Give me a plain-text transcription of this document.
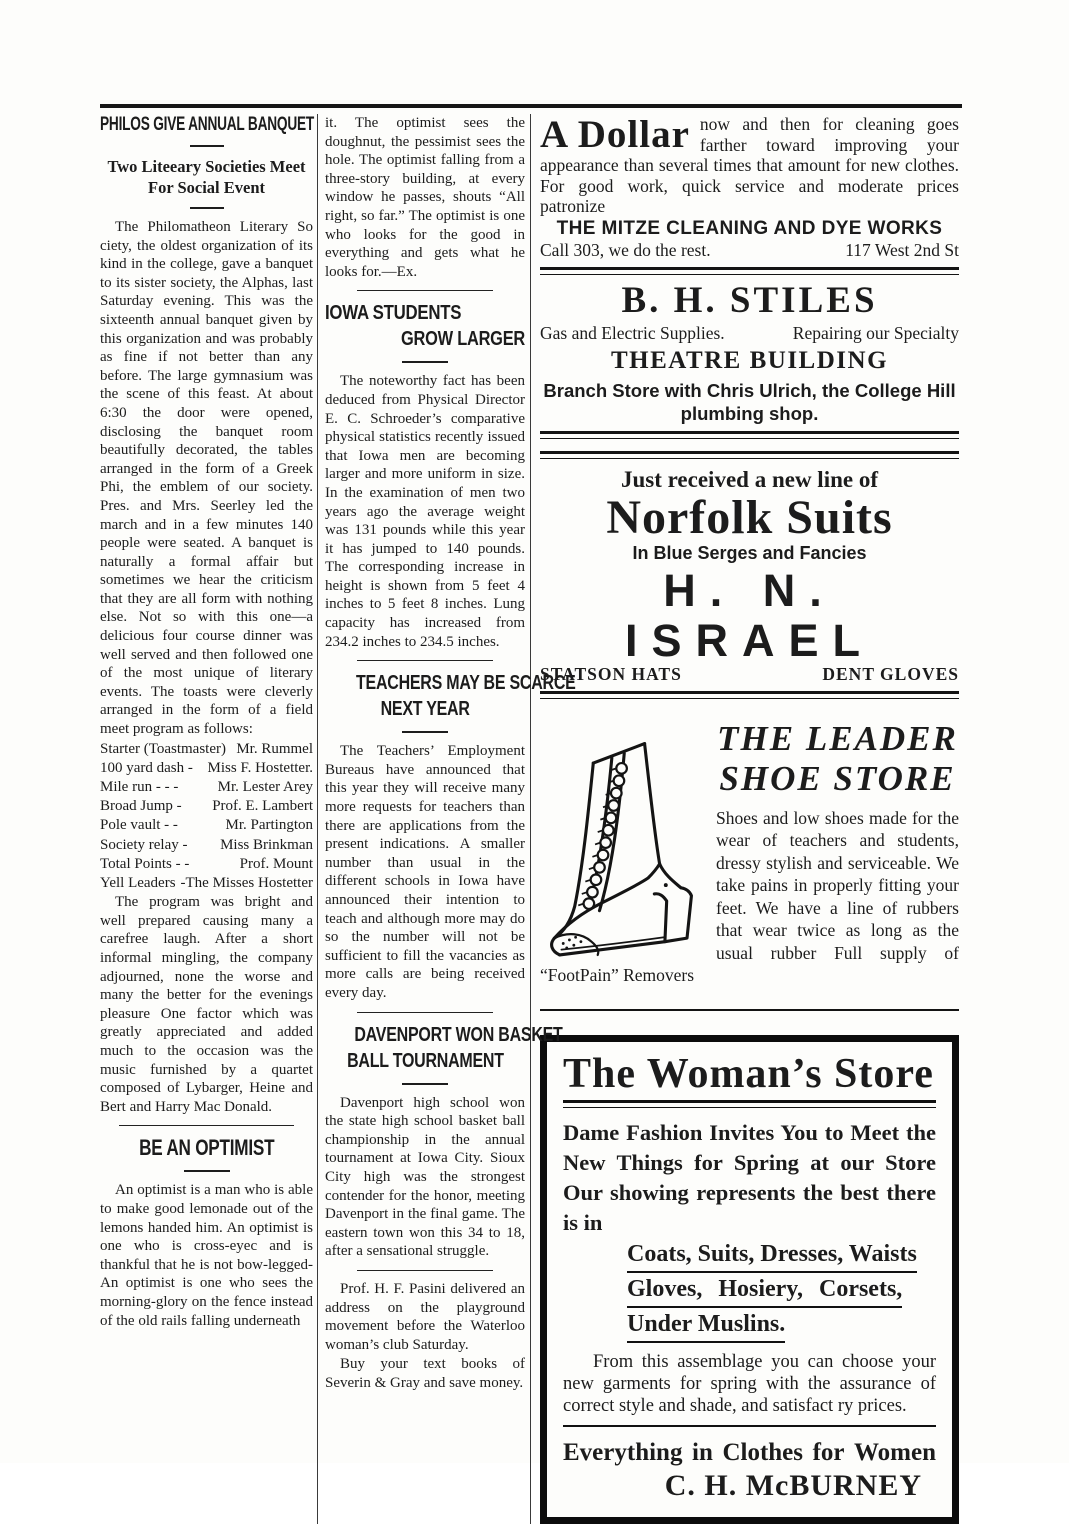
PHILOS GIVE ANNUAL BANQUET
Two Liteeary Societies Meet
For Social Event

The Philomatheon Literary So ciety, the oldest organization of its kind in the college, gave a banquet to its sister society, the Alphas, last Saturday evening. This was the sixteenth annual banquet given by this organization and was probably as fine if not better than any before. The large gymnasium was the scene of this feast. At about 6:30 the door were opened, disclosing the banquet room beautifully decorated, the tables arranged in the form of a Greek Phi, the emblem of our society. Pres. and Mrs. Seerley led the march and in a few minutes 140 people were seated. A banquet is naturally a formal affair but sometimes we hear the criticism that they are all form with nothing else. Not so with this one—a delicious four course dinner was well served and then followed one of the most unique of literary events. The toasts were cleverly arranged in the form of a field meet program as follows:

Starter (Toastmaster) Mr. Rummel
100 yard dash - Miss F. Hostetter.
Mile run - - -	Mr. Lester Arey
Broad Jump - Prof. E. Lambert
Pole vault - -	Mr. Partington
Society relay - Miss Brinkman
Total Points - -	Prof. Mount
Yell Leaders -The Misses Hostetter

The program was bright and well prepared causing many a carefree laugh. After a short informal mingling, the company adjourned, none the worse and many the better for the evenings pleasure One factor which was greatly appreciated and added much to the occasion was the music furnished by a quartet composed of Lybarger, Heine and Bert and Harry Mac Donald.

BE AN OPTIMIST

An optimist is a man who is able to make good lemonade out of the lemons handed him. An optimist is one who is cross-eyec and is thankful that he is not bow-legged- An optimist is one who sees the morning-glory on the fence instead of the old rails falling underneath

it. The optimist sees the doughnut, the pessimist sees the hole. The optimist falling from a three-story building, at every window he passes, shouts “All right, so far.” The optimist is one who looks for the good in everything and gets what he looks for.—Ex.

IOWA STUDENTS
GROW LARGER

The noteworthy fact has been deduced from Physical Director E. C. Schroeder’s comparative physical statistics recently issued that Iowa men are becoming larger and more uniform in size. In the examination of men two years ago the average weight was 131 pounds while this year it has jumped to 140 pounds. The corresponding increase in height is shown from 5 feet 4 inches to 5 feet 8 inches. Lung capacity has increased from 234.2 inches to 234.5 inches.

TEACHERS MAY BE SCARCE
NEXT YEAR

The Teachers’ Employment Bureaus have announced that this year they will receive many more requests for teachers than there are applications from the present indications. A smaller number than usual in the different schools in Iowa have announced their intention to teach and although more may do so the number will not be sufficient to fill the vacancies as more calls are being received every day.

DAVENPORT WON BASKET
BALL TOURNAMENT

Davenport high school won the state high school basket ball championship in the annual tournament at Iowa City. Sioux City high was the strongest contender for the honor, meeting Davenport in the final game. The eastern town won this 34 to 18, after a sensational struggle.

Prof. H. F. Pasini delivered an address on the playground movement before the Waterloo woman’s club Saturday.

Buy your text books of Severin & Gray and save money.

A Dollar now and then for cleaning goes farther toward improving your appearance than several times that amount for new clothes. For good work, quick service and moderate prices patronize

THE MITZE CLEANING AND DYE WORKS
Call 303, we do the rest.	117 West 2nd St
B. H. STILES
Gas and Electric Supplies.	Repairing our Specialty
THEATRE BUILDING
Branch Store with Chris Ulrich, the College Hill
plumbing shop.
Just received a new line of
Norfolk Suits
In Blue Serges and Fancies
H. N. ISRAEL
STATSON HATS	DENT GLOVES
THE LEADER
SHOE STORE

Shoes and low shoes made for the wear of teachers and students, dressy stylish and serviceable. We take pains in properly fitting your feet. We have a line of rubbers that wear twice as long as the usual rubber Full supply of “FootPain” Removers

The Woman’s Store

Dame Fashion Invites You to Meet the New Things for Spring at our Store Our showing represents the best there is in

Coats, Suits, Dresses, Waists
Gloves, Hosiery, Corsets,
Under Muslins.

From this assemblage you can choose your new garments for spring with the assurance of correct style and shade, and satisfact ry prices.

Everything in Clothes for Women
C. H. McBURNEY
